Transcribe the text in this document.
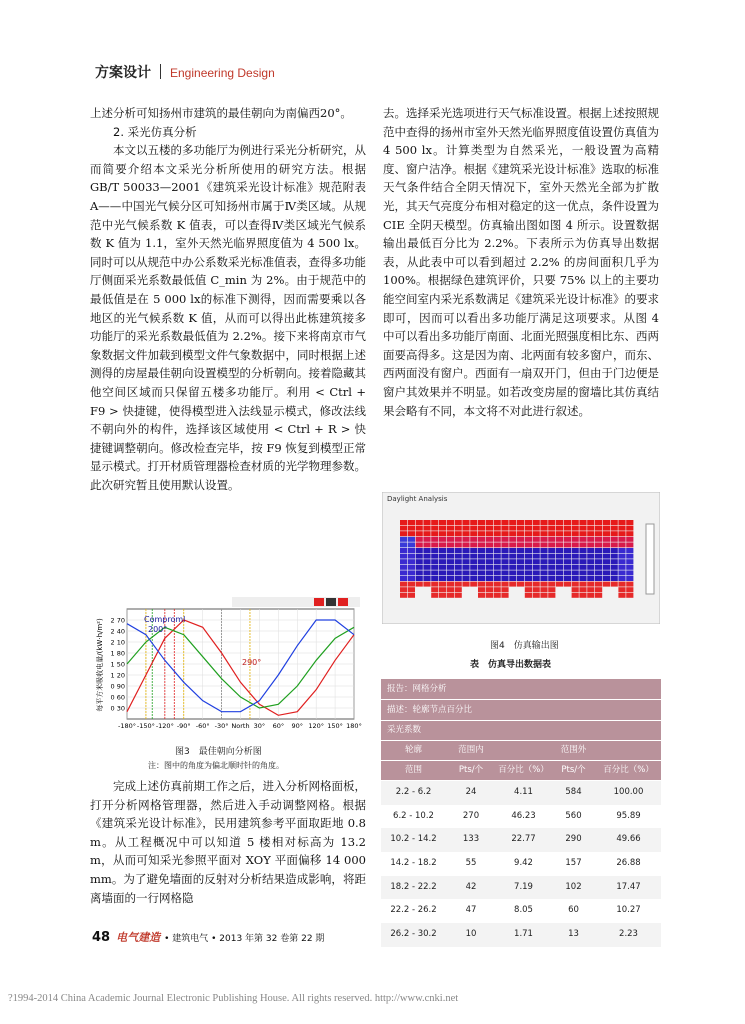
方案设计 Engineering Design

上述分析可知扬州市建筑的最佳朝向为南偏西20°。

2. 采光仿真分析

本文以五楼的多功能厅为例进行采光分析研究，从而简要介绍本文采光分析所使用的研究方法。根据 GB/T 50033—2001《建筑采光设计标准》规范附表 A——中国光气候分区可知扬州市属于Ⅳ类区域。从规范中光气候系数 K 值表，可以查得Ⅳ类区域光气候系数 K 值为 1.1，室外天然光临界照度值为 4 500 lx。同时可以从规范中办公系数采光标准值表，查得多功能厅侧面采光系数最低值 C_min 为 2%。由于规范中的最低值是在 5 000 lx的标准下测得，因而需要乘以各地区的光气候系数 K 值，从而可以得出此栋建筑接多功能厅的采光系数最低值为 2.2%。接下来将南京市气象数据文件加载到模型文件气象数据中，同时根据上述测得的房屋最佳朝向设置模型的分析朝向。接着隐藏其他空间区域而只保留五楼多功能厅。利用 < Ctrl + F9 > 快捷键，使得模型进入法线显示模式，修改法线不朝向外的构件，选择该区域使用 < Ctrl + R > 快捷键调整朝向。修改检查完毕，按 F9 恢复到模型正常显示模式。打开材质管理器检查材质的光学物理参数。此次研究暂且使用默认设置。

每平方米吸收电量/(kW·h/m²) 2 70
2 40
2 10
1 80
1 50
1 20
0 90
0 60
0 30
-180° -150° -120° -90° -60° -30° North 30° 60° 90° 120° 150° 180°
Comproml
200°
290°
图3　最佳朝向分析图
注：图中的角度为偏北顺时针的角度。

完成上述仿真前期工作之后，进入分析网格面板，打开分析网格管理器，然后进入手动调整网格。根据《建筑采光设计标准》，民用建筑参考平面取距地 0.8 m。从工程概况中可以知道 5 楼相对标高为 13.2 m，从而可知采光参照平面对 XOY 平面偏移 14 000 mm。为了避免墙面的反射对分析结果造成影响，将距离墙面的一行网格隐

去。选择采光选项进行天气标准设置。根据上述按照规范中查得的扬州市室外天然光临界照度值设置仿真值为 4 500 lx。计算类型为自然采光，一般设置为高精度、窗户洁净。根据《建筑采光设计标准》选取的标准天气条件结合全阴天情况下，室外天然光全部为扩散光，其天气亮度分布相对稳定的这一优点，条件设置为 CIE 全阴天模型。仿真输出图如图 4 所示。设置数据输出最低百分比为 2.2%。下表所示为仿真导出数据表，从此表中可以看到超过 2.2% 的房间面积几乎为 100%。根据绿色建筑评价，只要 75% 以上的主要功能空间室内采光系数满足《建筑采光设计标准》的要求即可，因而可以看出多功能厅满足这项要求。从图 4 中可以看出多功能厅南面、北面光照强度相比东、西两面要高得多。这是因为南、北两面有较多窗户，而东、西两面没有窗户。西面有一扇双开门，但由于门边便是窗户其效果并不明显。如若改变房屋的窗墙比其仿真结果会略有不同，本文将不对此进行叙述。

Daylight Analysis
图4　仿真输出图
表　仿真导出数据表
报告：网格分析
描述：轮廓节点百分比
采光系数
轮廓	范围内	范围外
范围	Pts/个	百分比（%）	Pts/个	百分比（%）
2.2 - 6.2	24	4.11	584	100.00
6.2 - 10.2	270	46.23	560	95.89
10.2 - 14.2	133	22.77	290	49.66
14.2 - 18.2	55	9.42	157	26.88
18.2 - 22.2	42	7.19	102	17.47
22.2 - 26.2	47	8.05	60	10.27
26.2 - 30.2	10	1.71	13	2.23
48 电气建造 • 建筑电气 • 2013 年第 32 卷第 22 期
?1994-2014 China Academic Journal Electronic Publishing House. All rights reserved. http://www.cnki.net
